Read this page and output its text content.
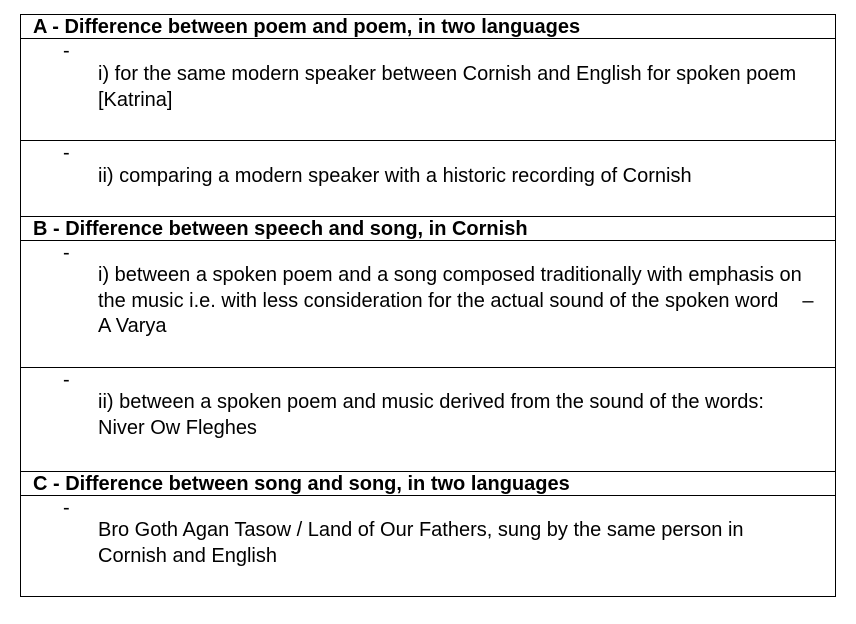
A - Difference between poem and poem, in two languages

-
i) for the same modern speaker between Cornish and English for spoken poem [Katrina]

-
ii) comparing a modern speaker with a historic recording of Cornish

B - Difference between speech and song, in Cornish

-
i) between a spoken poem and a song composed traditionally with emphasis on the music i.e. with less consideration for the actual sound of the spoken word – A Varya

-
ii) between a spoken poem and music derived from the sound of the words: Niver Ow Fleghes

C - Difference between song and song, in two languages

-
Bro Goth Agan Tasow / Land of Our Fathers, sung by the same person in Cornish and English
